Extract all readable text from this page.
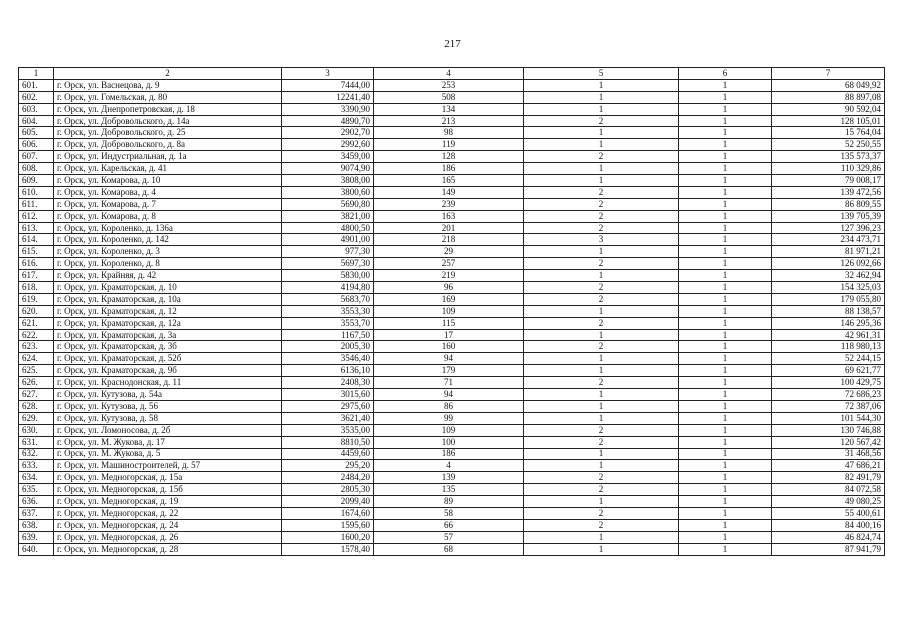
217
1	2	3	4	5	6	7
601.	г. Орск, ул. Васнецова, д. 9	7444,00	253	1	1	68 049,92
602.	г. Орск, ул. Гомельская, д. 80	12241,40	508	1	1	88 897,08
603.	г. Орск, ул. Днепропетровская, д. 18	3390,90	134	1	1	90 592,04
604.	г. Орск, ул. Добровольского, д. 14а	4890,70	213	2	1	128 105,01
605.	г. Орск, ул. Добровольского, д. 25	2902,70	98	1	1	15 764,04
606.	г. Орск, ул. Добровольского, д. 8а	2992,60	119	1	1	52 250,55
607.	г. Орск, ул. Индустриальная, д. 1а	3459,00	128	2	1	135 573,37
608.	г. Орск, ул. Карельская, д. 41	9074,90	186	1	1	110 329,86
609.	г. Орск, ул. Комарова, д. 10	3808,00	165	1	1	79 008,17
610.	г. Орск, ул. Комарова, д. 4	3800,60	149	2	1	139 472,56
611.	г. Орск, ул. Комарова, д. 7	5690,80	239	2	1	86 809,55
612.	г. Орск, ул. Комарова, д. 8	3821,00	163	2	1	139 705,39
613.	г. Орск, ул. Короленко, д. 136а	4800,50	201	2	1	127 396,23
614.	г. Орск, ул. Короленко, д. 142	4901,00	218	3	1	234 473,71
615.	г. Орск, ул. Короленко, д. 3	977,30	29	1	1	81 971,21
616.	г. Орск, ул. Короленко, д. 8	5697,30	257	2	1	126 092,66
617.	г. Орск, ул. Крайняя, д. 42	5830,00	219	1	1	32 462,94
618.	г. Орск, ул. Краматорская, д. 10	4194,80	96	2	1	154 325,03
619.	г. Орск, ул. Краматорская, д. 10а	5683,70	169	2	1	179 055,80
620.	г. Орск, ул. Краматорская, д. 12	3553,30	109	1	1	88 138,57
621.	г. Орск, ул. Краматорская, д. 12а	3553,70	115	2	1	146 295,36
622.	г. Орск, ул. Краматорская, д. 3а	1167,50	17	1	1	42 961,31
623.	г. Орск, ул. Краматорская, д. 3б	2005,30	160	2	1	118 980,13
624.	г. Орск, ул. Краматорская, д. 52б	3546,40	94	1	1	52 244,15
625.	г. Орск, ул. Краматорская, д. 9б	6136,10	179	1	1	69 621,77
626.	г. Орск, ул. Краснодонская, д. 11	2408,30	71	2	1	100 429,75
627.	г. Орск, ул. Кутузова, д. 54а	3015,60	94	1	1	72 686,23
628.	г. Орск, ул. Кутузова, д. 56	2975,60	86	1	1	72 387,06
629.	г. Орск, ул. Кутузова, д. 58	3621,40	99	1	1	101 544,30
630.	г. Орск, ул. Ломоносова, д. 2б	3535,00	109	2	1	130 746,88
631.	г. Орск, ул. М. Жукова, д. 17	8810,50	100	2	1	120 567,42
632.	г. Орск, ул. М. Жукова, д. 5	4459,60	186	1	1	31 468,56
633.	г. Орск, ул. Машиностроителей, д. 57	295,20	4	1	1	47 686,21
634.	г. Орск, ул. Медногорская, д. 15а	2484,20	139	2	1	82 491,79
635.	г. Орск, ул. Медногорская, д. 15б	2805,30	135	2	1	84 072,58
636.	г. Орск, ул. Медногорская, д. 19	2099,40	89	1	1	49 080,25
637.	г. Орск, ул. Медногорская, д. 22	1674,60	58	2	1	55 400,61
638.	г. Орск, ул. Медногорская, д. 24	1595,60	66	2	1	84 400,16
639.	г. Орск, ул. Медногорская, д. 26	1600,20	57	1	1	46 824,74
640.	г. Орск, ул. Медногорская, д. 28	1578,40	68	1	1	87 941,79
